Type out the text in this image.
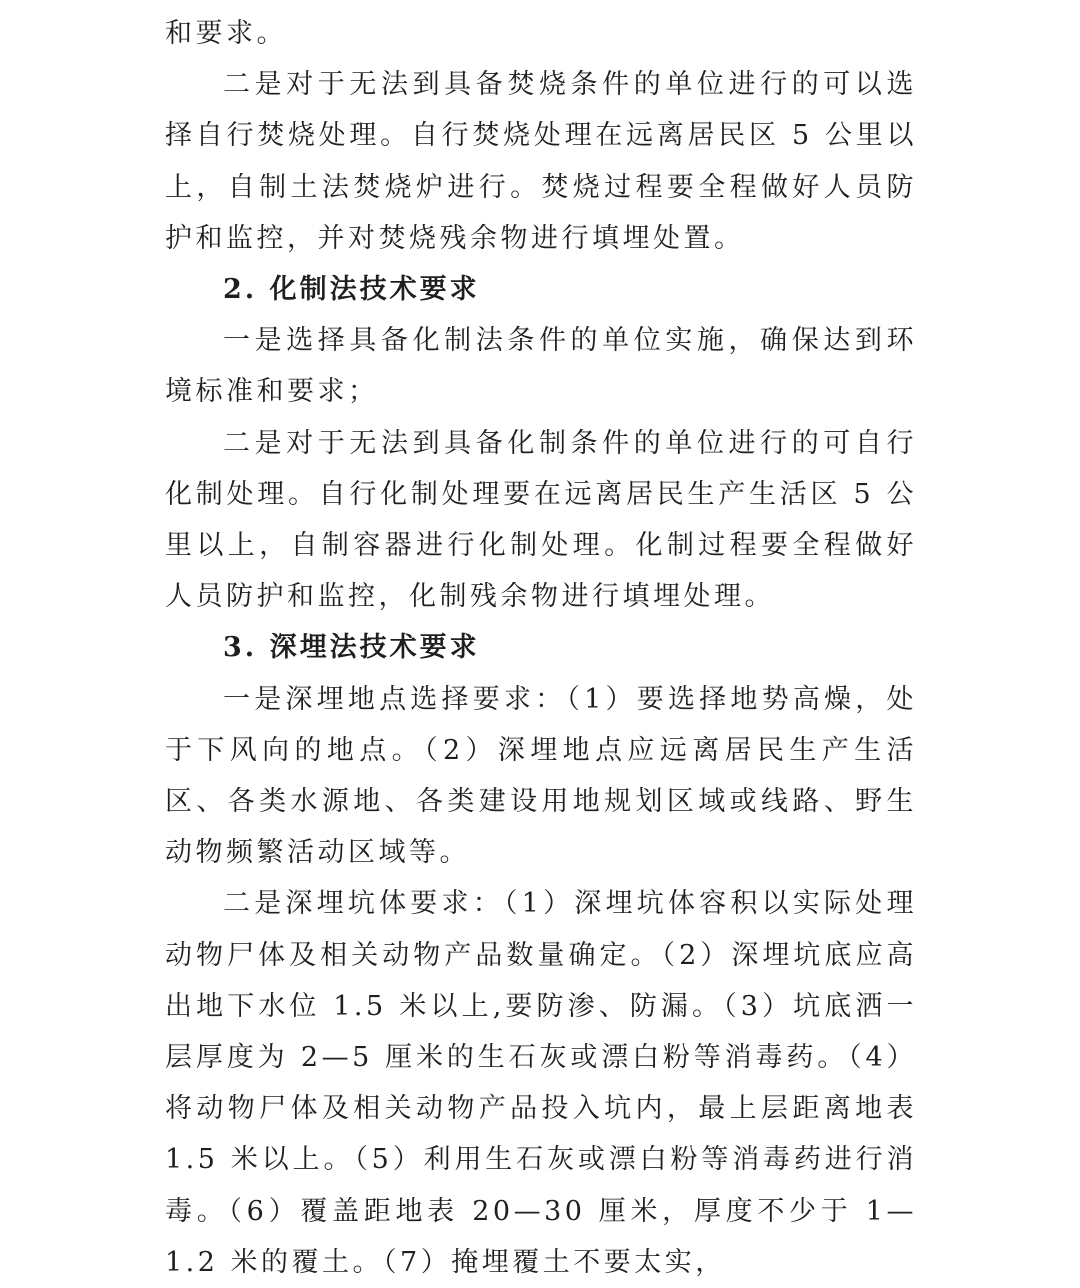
和要求。

二是对于无法到具备焚烧条件的单位进行的可以选择自行焚烧处理。自行焚烧处理在远离居民区 5 公里以上，自制土法焚烧炉进行。焚烧过程要全程做好人员防护和监控，并对焚烧残余物进行填埋处置。

2. 化制法技术要求

一是选择具备化制法条件的单位实施，确保达到环境标准和要求；

二是对于无法到具备化制条件的单位进行的可自行化制处理。自行化制处理要在远离居民生产生活区 5 公里以上，自制容器进行化制处理。化制过程要全程做好人员防护和监控，化制残余物进行填埋处理。

3. 深埋法技术要求

一是深埋地点选择要求：（1）要选择地势高燥，处于下风向的地点。（2）深埋地点应远离居民生产生活区、各类水源地、各类建设用地规划区域或线路、野生动物频繁活动区域等。

二是深埋坑体要求：（1）深埋坑体容积以实际处理动物尸体及相关动物产品数量确定。（2）深埋坑底应高出地下水位 1.5 米以上,要防渗、防漏。（3）坑底洒一层厚度为 2—5 厘米的生石灰或漂白粉等消毒药。（4）将动物尸体及相关动物产品投入坑内，最上层距离地表 1.5 米以上。（5）利用生石灰或漂白粉等消毒药进行消毒。（6）覆盖距地表 20—30 厘米，厚度不少于 1—1.2 米的覆土。（7）掩埋覆土不要太实，
